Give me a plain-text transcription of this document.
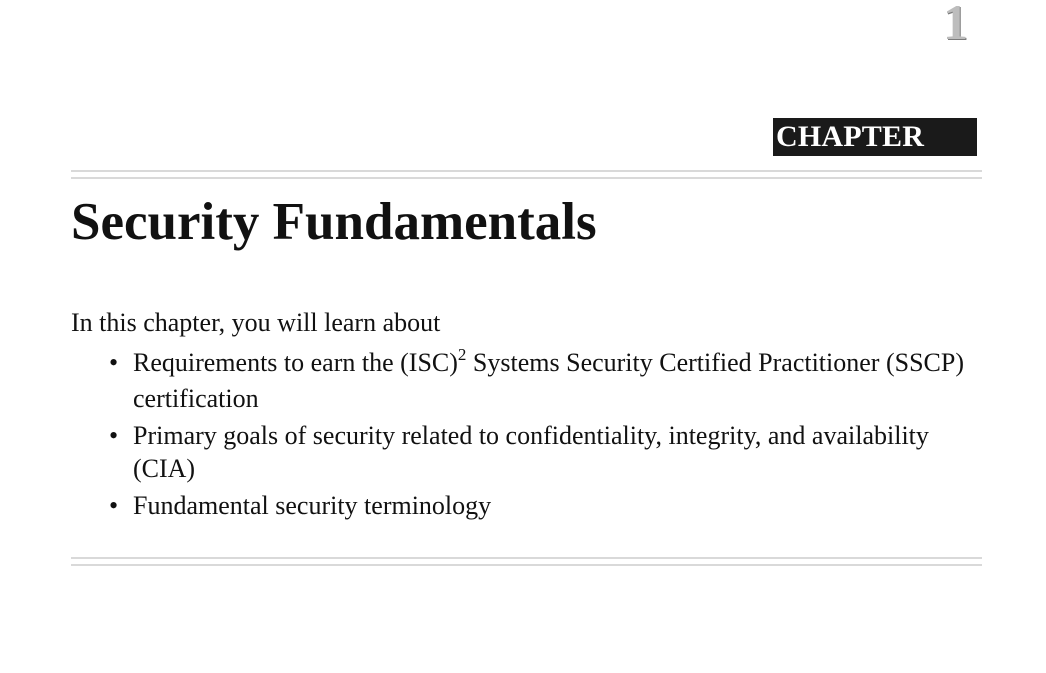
CHAPTER
1
Security Fundamentals

In this chapter, you will learn about

• Requirements to earn the (ISC)$^2$ Systems Security Certified Practitioner (SSCP) certification
• Primary goals of security related to confidentiality, integrity, and availability (CIA)
• Fundamental security terminology
